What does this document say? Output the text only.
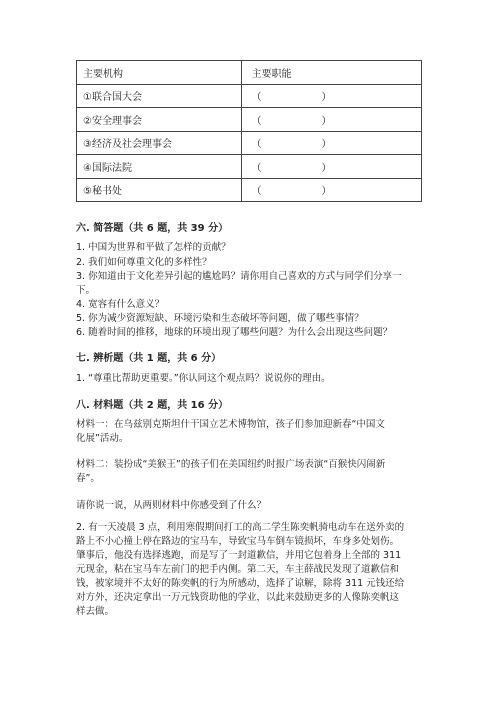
主要机构	主要职能
①联合国大会	（ ）

②安全理事会	（ ）

③经济及社会理事会	（ ）

④国际法院	（ ）

⑤秘书处	（ ）
六. 简答题（共 6 题，共 39 分）
1. 中国为世界和平做了怎样的贡献？
2. 我们如何尊重文化的多样性？
3. 你知道由于文化差异引起的尴尬吗？请你用自己喜欢的方式与同学们分享一
下。
4. 宽容有什么意义？
5. 你为减少资源短缺、环境污染和生态破坏等问题，做了哪些事情？
6. 随着时间的推移，地球的环境出现了哪些问题？为什么会出现这些问题？
七. 辨析题（共 1 题，共 6 分）
1. “尊重比帮助更重要。”你认同这个观点吗？说说你的理由。
八. 材料题（共 2 题，共 16 分）
材料一：在乌兹别克斯坦什干国立艺术博物馆，孩子们参加迎新春“中国文
化展”活动。
材料二：装扮成“美猴王”的孩子们在美国纽约时报广场表演“百猴快闪闹新
春”。
请你说一说，从两则材料中你感受到了什么？
2. 有一天凌晨 3 点，利用寒假期间打工的高二学生陈奕帆骑电动车在送外卖的
路上不小心撞上停在路边的宝马车，导致宝马车倒车镜损坏，车身多处划伤。
肇事后，他没有选择逃跑，而是写了一封道歉信，并用它包着身上全部的 311
元现金，粘在宝马车左前门的把手内侧。第二天，车主薛战民发现了道歉信和
钱，被家境并不太好的陈奕帆的行为所感动，选择了谅解，除将 311 元钱还给
对方外，还决定拿出一万元钱资助他的学业，以此来鼓励更多的人像陈奕帆这
样去做。
